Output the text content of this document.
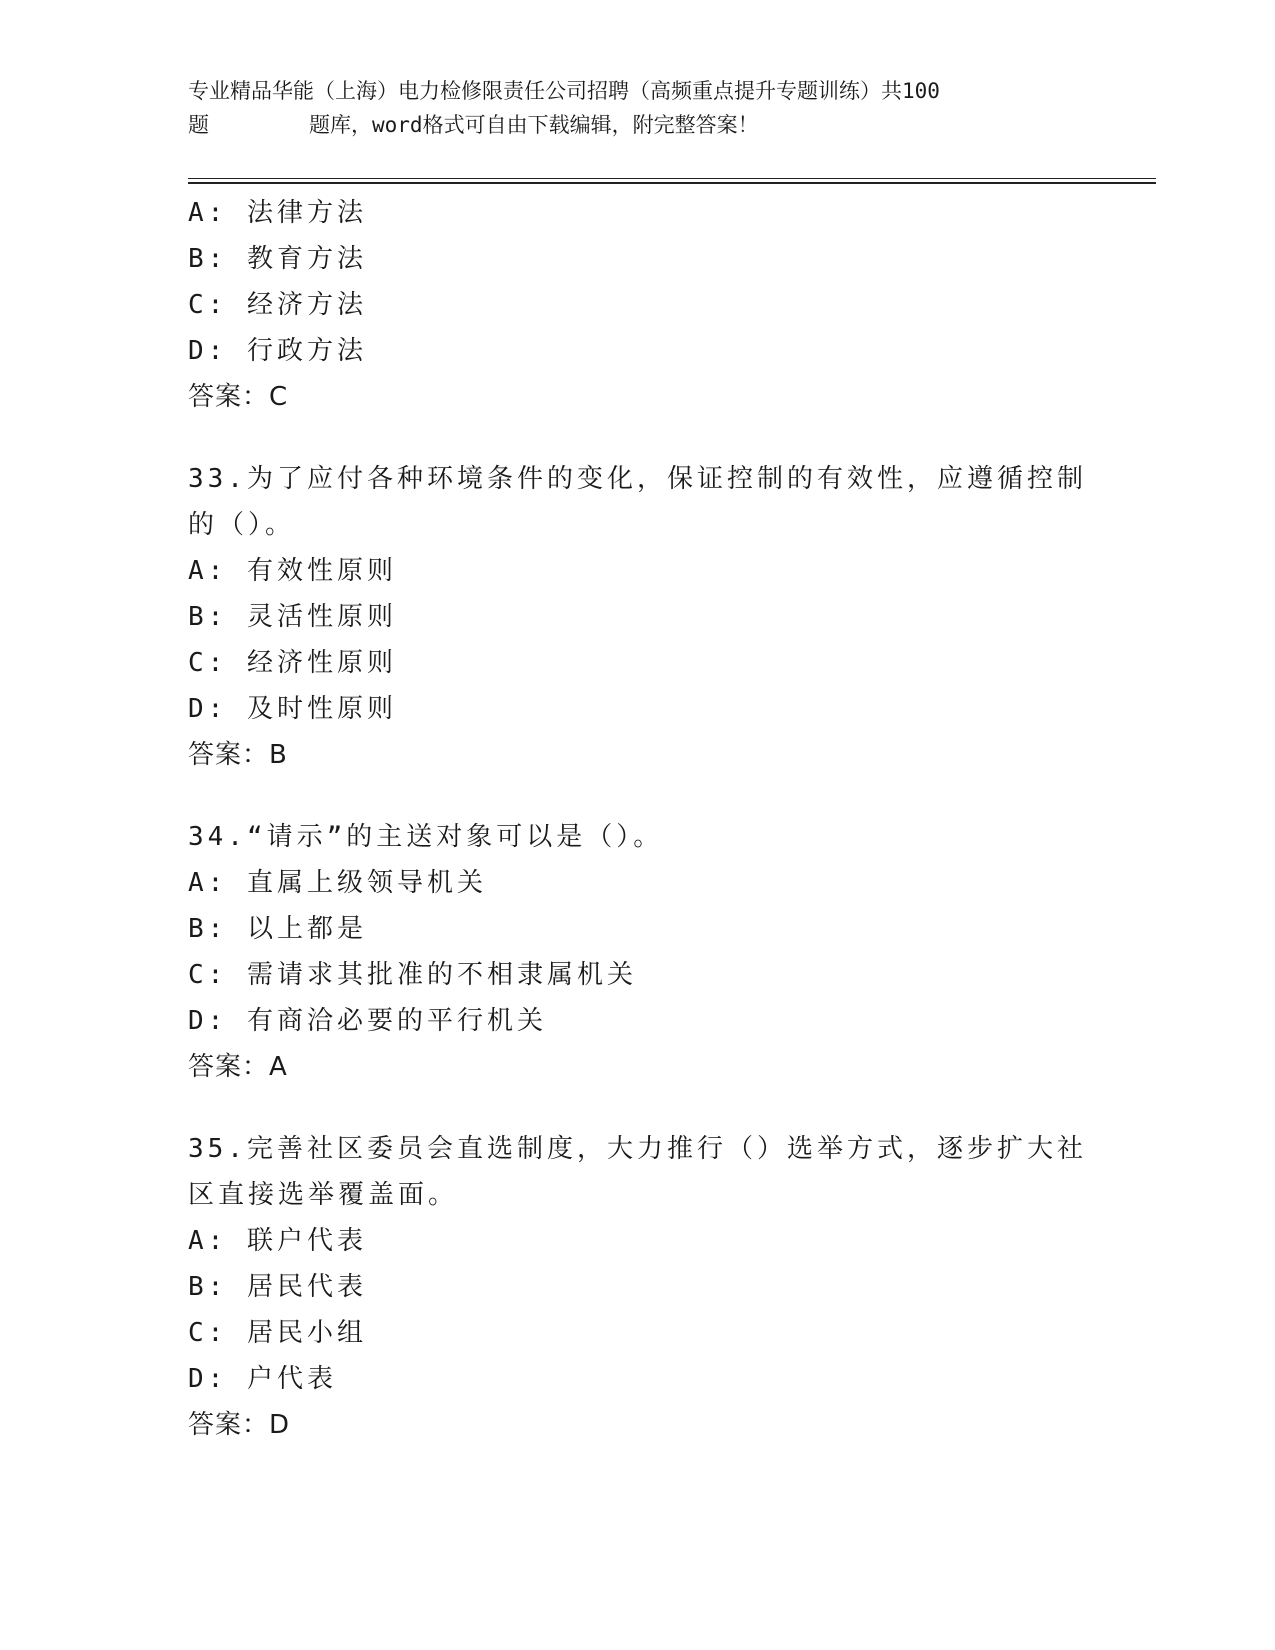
专业精品华能（上海）电力检修限责任公司招聘（高频重点提升专题训练）共100
题	题库，word格式可自由下载编辑，附完整答案！
A: 法律方法
B: 教育方法
C: 经济方法
D: 行政方法
答案：C
33.为了应付各种环境条件的变化，保证控制的有效性，应遵循控制的（）。
A: 有效性原则
B: 灵活性原则
C: 经济性原则
D: 及时性原则
答案：B
34.“请示”的主送对象可以是（）。
A: 直属上级领导机关
B: 以上都是
C: 需请求其批准的不相隶属机关
D: 有商洽必要的平行机关
答案：A
35.完善社区委员会直选制度，大力推行（）选举方式，逐步扩大社区直接选举覆盖面。
A: 联户代表
B: 居民代表
C: 居民小组
D: 户代表
答案：D
